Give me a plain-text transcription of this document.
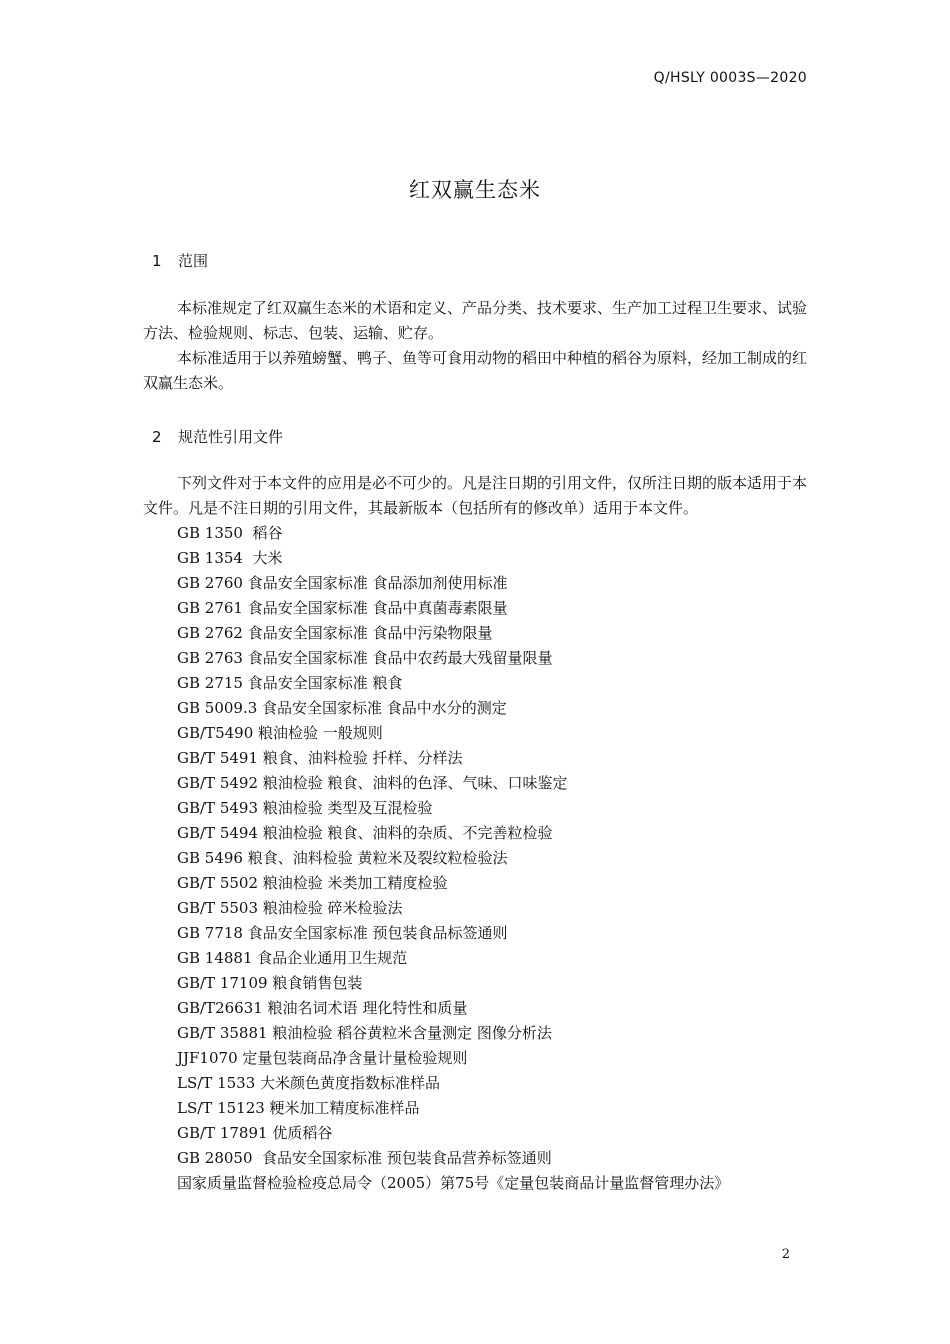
Q/HSLY 0003S—2020
红双赢生态米
1 范围
本标准规定了红双赢生态米的术语和定义、产品分类、技术要求、生产加工过程卫生要求、试验方法、检验规则、标志、包装、运输、贮存。
本标准适用于以养殖螃蟹、鸭子、鱼等可食用动物的稻田中种植的稻谷为原料，经加工制成的红双赢生态米。
2 规范性引用文件
下列文件对于本文件的应用是必不可少的。凡是注日期的引用文件，仅所注日期的版本适用于本文件。凡是不注日期的引用文件，其最新版本（包括所有的修改单）适用于本文件。
GB 1350  稻谷
GB 1354  大米
GB 2760 食品安全国家标准 食品添加剂使用标准
GB 2761 食品安全国家标准 食品中真菌毒素限量
GB 2762 食品安全国家标准 食品中污染物限量
GB 2763 食品安全国家标准 食品中农药最大残留量限量
GB 2715 食品安全国家标准 粮食
GB 5009.3 食品安全国家标准 食品中水分的测定
GB/T5490 粮油检验 一般规则
GB/T 5491 粮食、油料检验 扦样、分样法
GB/T 5492 粮油检验 粮食、油料的色泽、气味、口味鉴定
GB/T 5493 粮油检验 类型及互混检验
GB/T 5494 粮油检验 粮食、油料的杂质、不完善粒检验
GB 5496 粮食、油料检验 黄粒米及裂纹粒检验法
GB/T 5502 粮油检验 米类加工精度检验
GB/T 5503 粮油检验 碎米检验法
GB 7718 食品安全国家标准 预包装食品标签通则
GB 14881 食品企业通用卫生规范
GB/T 17109 粮食销售包装
GB/T26631 粮油名词术语 理化特性和质量
GB/T 35881 粮油检验 稻谷黄粒米含量测定 图像分析法
JJF1070 定量包装商品净含量计量检验规则
LS/T 1533 大米颜色黄度指数标准样品
LS/T 15123 粳米加工精度标准样品
GB/T 17891 优质稻谷
GB 28050  食品安全国家标准 预包装食品营养标签通则
国家质量监督检验检疫总局令（2005）第75号《定量包装商品计量监督管理办法》
2
